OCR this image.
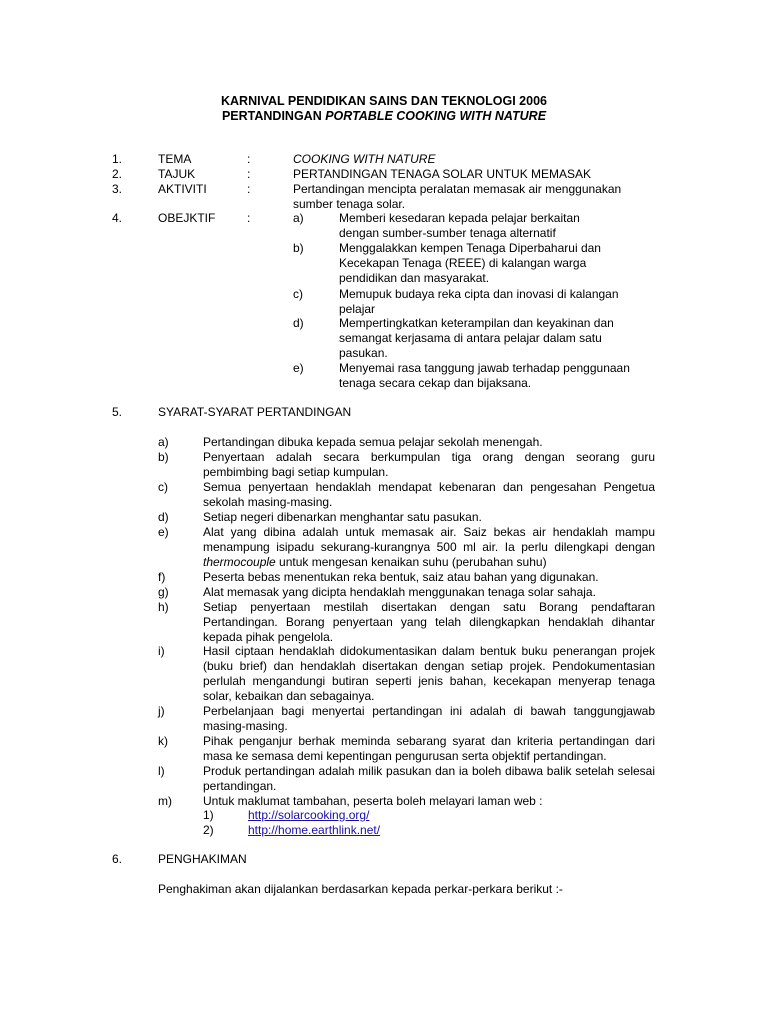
KARNIVAL PENDIDIKAN SAINS DAN TEKNOLOGI 2006
PERTANDINGAN PORTABLE COOKING WITH NATURE
1.	TEMA	:	COOKING WITH NATURE
2.	TAJUK	:	PERTANDINGAN TENAGA SOLAR UNTUK MEMASAK
3.	AKTIVITI	:	Pertandingan mencipta peralatan memasak air menggunakan sumber tenaga solar.
4.	OBEJKTIF	:	a)	Memberi kesedaran kepada pelajar berkaitan dengan sumber-sumber tenaga alternatif
b)	Menggalakkan kempen Tenaga Diperbaharui dan Kecekapan Tenaga (REEE) di kalangan warga pendidikan dan masyarakat.
c)	Memupuk budaya reka cipta dan inovasi di kalangan pelajar
d)	Mempertingkatkan keterampilan dan keyakinan dan semangat kerjasama di antara pelajar dalam satu pasukan.
e)	Menyemai rasa tanggung jawab terhadap penggunaan tenaga secara cekap dan bijaksana.
5.	SYARAT-SYARAT PERTANDINGAN
a)	Pertandingan dibuka kepada semua pelajar sekolah menengah.
b)	Penyertaan adalah secara berkumpulan tiga orang dengan seorang guru pembimbing bagi setiap kumpulan.
c)	Semua penyertaan hendaklah mendapat kebenaran dan pengesahan Pengetua sekolah masing-masing.
d)	Setiap negeri dibenarkan menghantar satu pasukan.
e)	Alat yang dibina adalah untuk memasak air. Saiz bekas air hendaklah mampu menampung isipadu sekurang-kurangnya 500 ml air. Ia perlu dilengkapi dengan thermocouple untuk mengesan kenaikan suhu (perubahan suhu)
f)	Peserta bebas menentukan reka bentuk, saiz atau bahan yang digunakan.
g)	Alat memasak yang dicipta hendaklah menggunakan tenaga solar sahaja.
h)	Setiap penyertaan mestilah disertakan dengan satu Borang pendaftaran Pertandingan. Borang penyertaan yang telah dilengkapkan hendaklah dihantar kepada pihak pengelola.
i)	Hasil ciptaan hendaklah didokumentasikan dalam bentuk buku penerangan projek (buku brief) dan hendaklah disertakan dengan setiap projek. Pendokumentasian perlulah mengandungi butiran seperti jenis bahan, kecekapan menyerap tenaga solar, kebaikan dan sebagainya.
j)	Perbelanjaan bagi menyertai pertandingan ini adalah di bawah tanggungjawab masing-masing.
k)	Pihak penganjur berhak meminda sebarang syarat dan kriteria pertandingan dari masa ke semasa demi kepentingan pengurusan serta objektif pertandingan.
l)	Produk pertandingan adalah milik pasukan dan ia boleh dibawa balik setelah selesai pertandingan.
m)	Untuk maklumat tambahan, peserta boleh melayari laman web :
1)	http://solarcooking.org/
2)	http://home.earthlink.net/
6.	PENGHAKIMAN
Penghakiman akan dijalankan berdasarkan kepada perkar-perkara berikut :-
